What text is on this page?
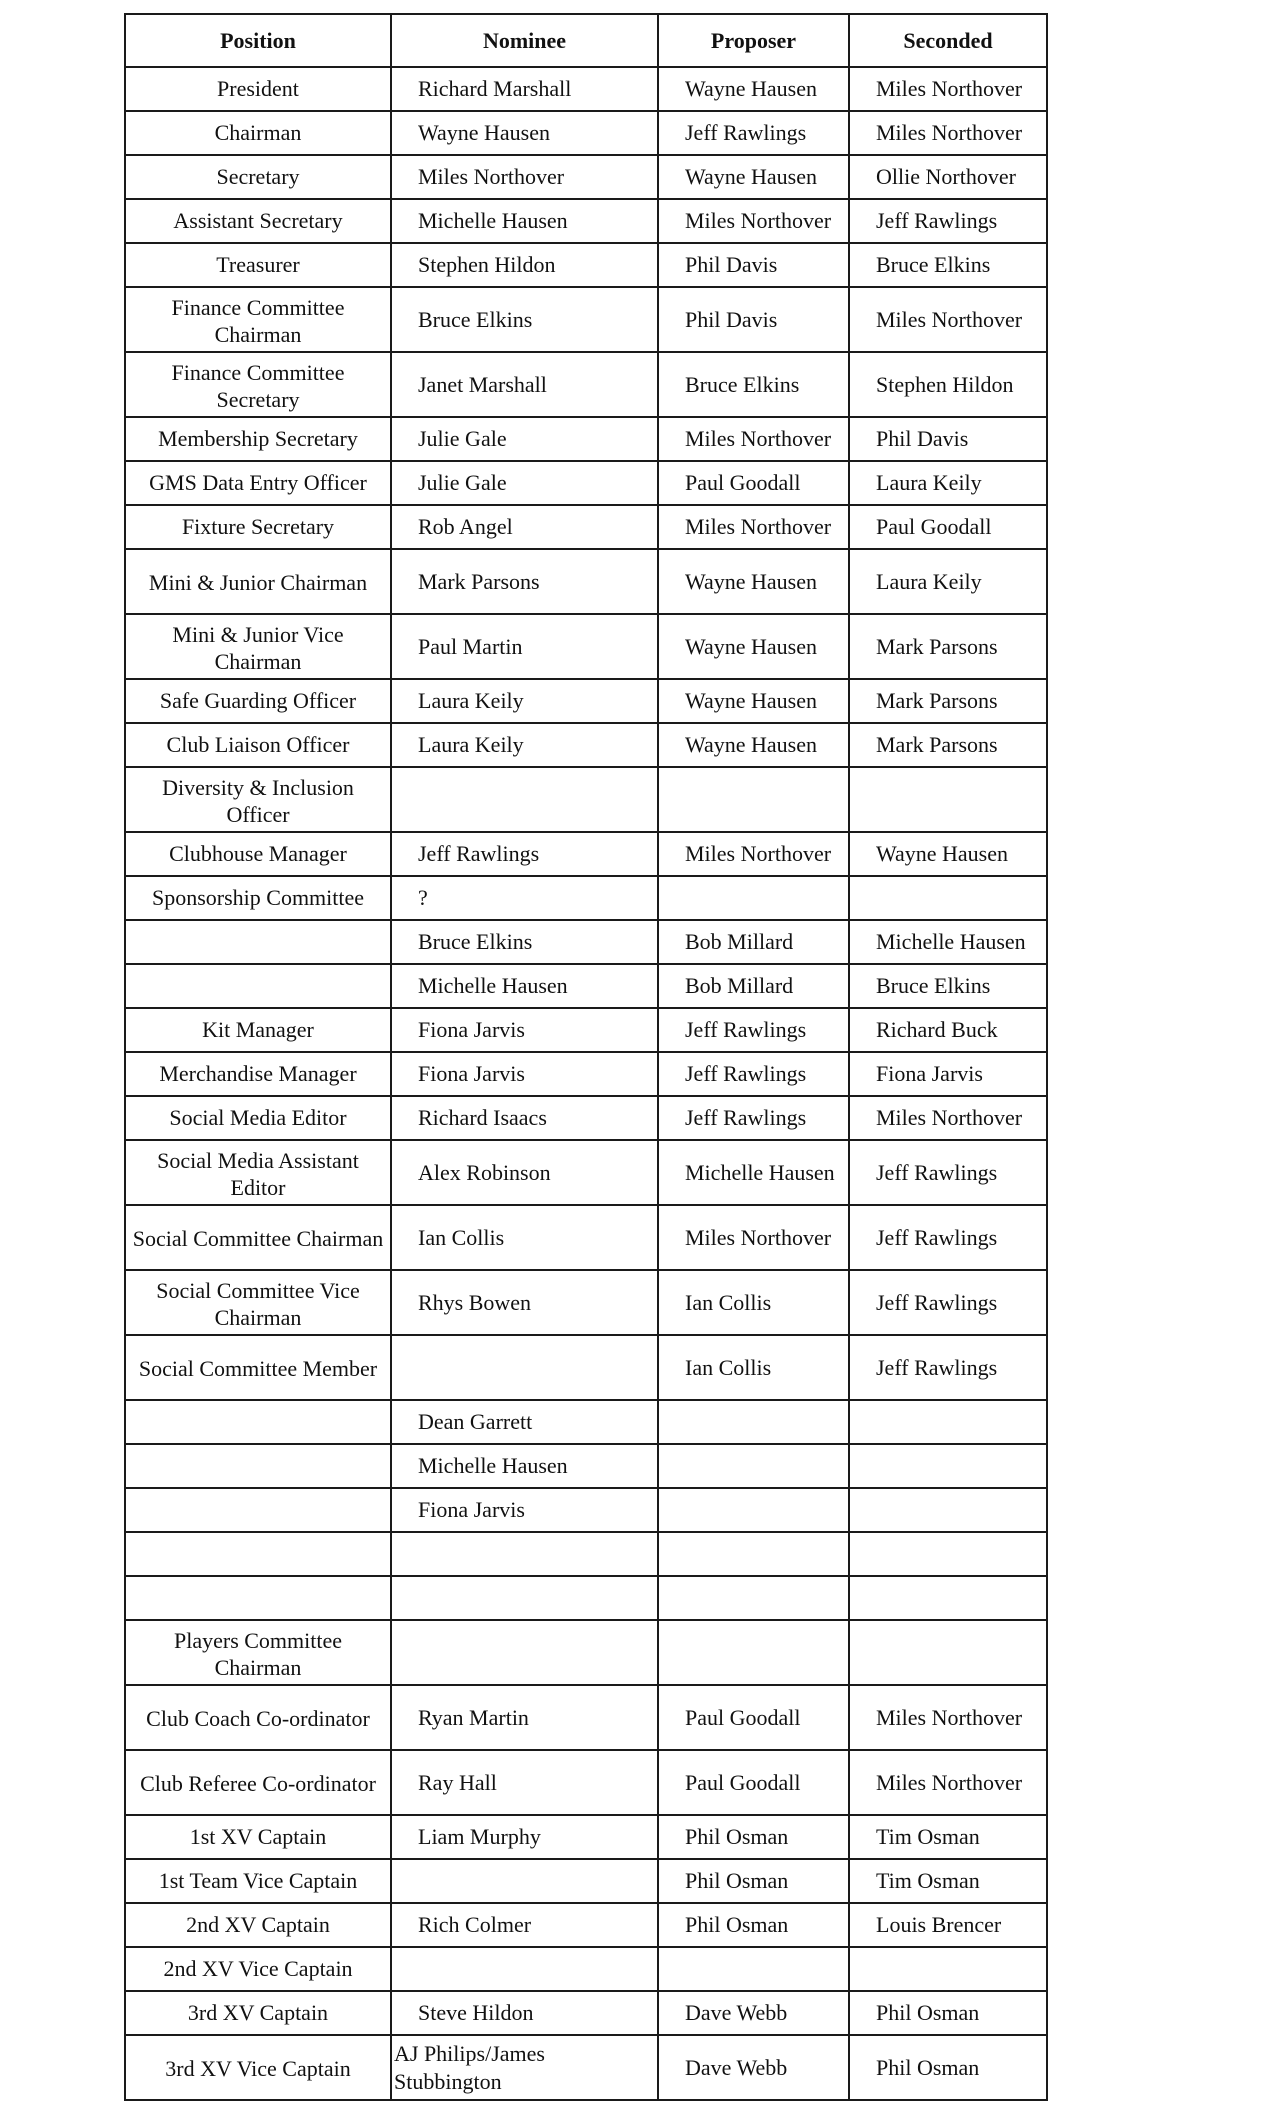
Position	Nominee	Proposer	Seconded
President	Richard Marshall	Wayne Hausen	Miles Northover
Chairman	Wayne Hausen	Jeff Rawlings	Miles Northover
Secretary	Miles Northover	Wayne Hausen	Ollie Northover
Assistant Secretary	Michelle Hausen	Miles Northover	Jeff Rawlings
Treasurer	Stephen Hildon	Phil Davis	Bruce Elkins
Finance Committee Chairman	Bruce Elkins	Phil Davis	Miles Northover
Finance Committee Secretary	Janet Marshall	Bruce Elkins	Stephen Hildon
Membership Secretary	Julie Gale	Miles Northover	Phil Davis
GMS Data Entry Officer	Julie Gale	Paul Goodall	Laura Keily
Fixture Secretary	Rob Angel	Miles Northover	Paul Goodall
Mini & Junior Chairman	Mark Parsons	Wayne Hausen	Laura Keily
Mini & Junior Vice Chairman	Paul Martin	Wayne Hausen	Mark Parsons
Safe Guarding Officer	Laura Keily	Wayne Hausen	Mark Parsons
Club Liaison Officer	Laura Keily	Wayne Hausen	Mark Parsons
Diversity & Inclusion Officer			
Clubhouse Manager	Jeff Rawlings	Miles Northover	Wayne Hausen
Sponsorship Committee	?		
	Bruce Elkins	Bob Millard	Michelle Hausen
	Michelle Hausen	Bob Millard	Bruce Elkins
Kit Manager	Fiona Jarvis	Jeff Rawlings	Richard Buck
Merchandise Manager	Fiona Jarvis	Jeff Rawlings	Fiona Jarvis
Social Media Editor	Richard Isaacs	Jeff Rawlings	Miles Northover
Social Media Assistant Editor	Alex Robinson	Michelle Hausen	Jeff Rawlings
Social Committee Chairman	Ian Collis	Miles Northover	Jeff Rawlings
Social Committee Vice Chairman	Rhys Bowen	Ian Collis	Jeff Rawlings
Social Committee Member		Ian Collis	Jeff Rawlings
	Dean Garrett		
	Michelle Hausen		
	Fiona Jarvis		

Players Committee Chairman			
Club Coach Co-ordinator	Ryan Martin	Paul Goodall	Miles Northover
Club Referee Co-ordinator	Ray Hall	Paul Goodall	Miles Northover
1st XV Captain	Liam Murphy	Phil Osman	Tim Osman
1st Team Vice Captain		Phil Osman	Tim Osman
2nd XV Captain	Rich Colmer	Phil Osman	Louis Brencer
2nd XV Vice Captain			
3rd XV Captain	Steve Hildon	Dave Webb	Phil Osman
3rd XV Vice Captain	AJ Philips/James Stubbington	Dave Webb	Phil Osman
